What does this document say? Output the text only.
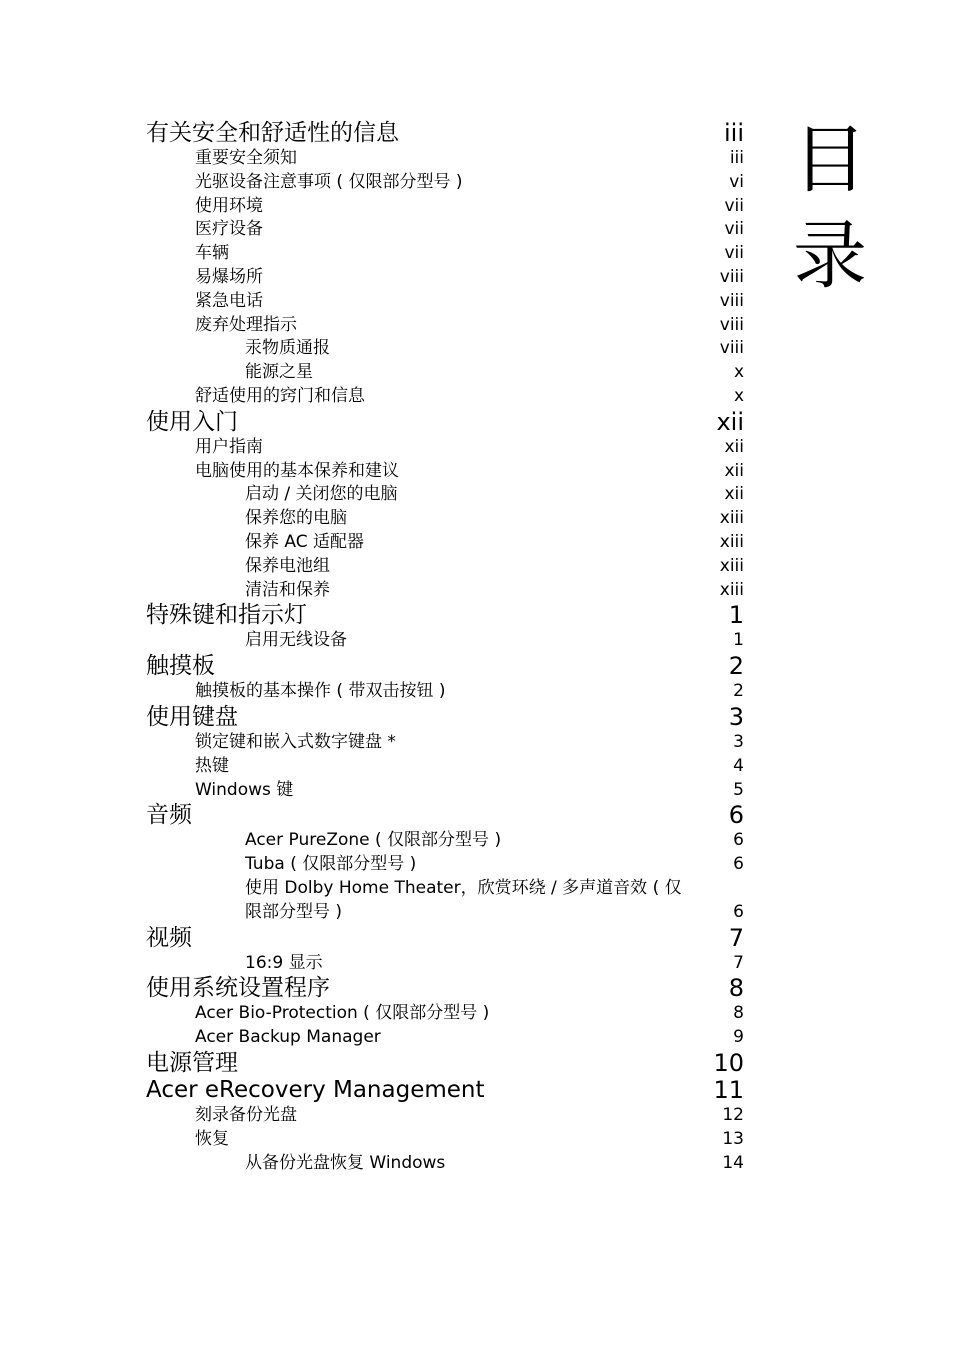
目
录
有关安全和舒适性的信息	iii
重要安全须知	iii
光驱设备注意事项 ( 仅限部分型号 )	vi
使用环境	vii
医疗设备	vii
车辆	vii
易爆场所	viii
紧急电话	viii
废弃处理指示	viii
汞物质通报	viii
能源之星	x
舒适使用的窍门和信息	x
使用入门	xii
用户指南	xii
电脑使用的基本保养和建议	xii
启动 / 关闭您的电脑	xii
保养您的电脑	xiii
保养 AC 适配器	xiii
保养电池组	xiii
清洁和保养	xiii
特殊键和指示灯	1
启用无线设备	1
触摸板	2
触摸板的基本操作 ( 带双击按钮 )	2
使用键盘	3
锁定键和嵌入式数字键盘 *	3
热键	4
Windows 键	5
音频	6
Acer PureZone ( 仅限部分型号 )	6
Tuba ( 仅限部分型号 )	6
使用 Dolby Home Theater，欣赏环绕 / 多声道音效 ( 仅限部分型号 )	6
视频	7
16:9 显示	7
使用系统设置程序	8
Acer Bio-Protection ( 仅限部分型号 )	8
Acer Backup Manager	9
电源管理	10
Acer eRecovery Management	11
刻录备份光盘	12
恢复	13
从备份光盘恢复 Windows	14
